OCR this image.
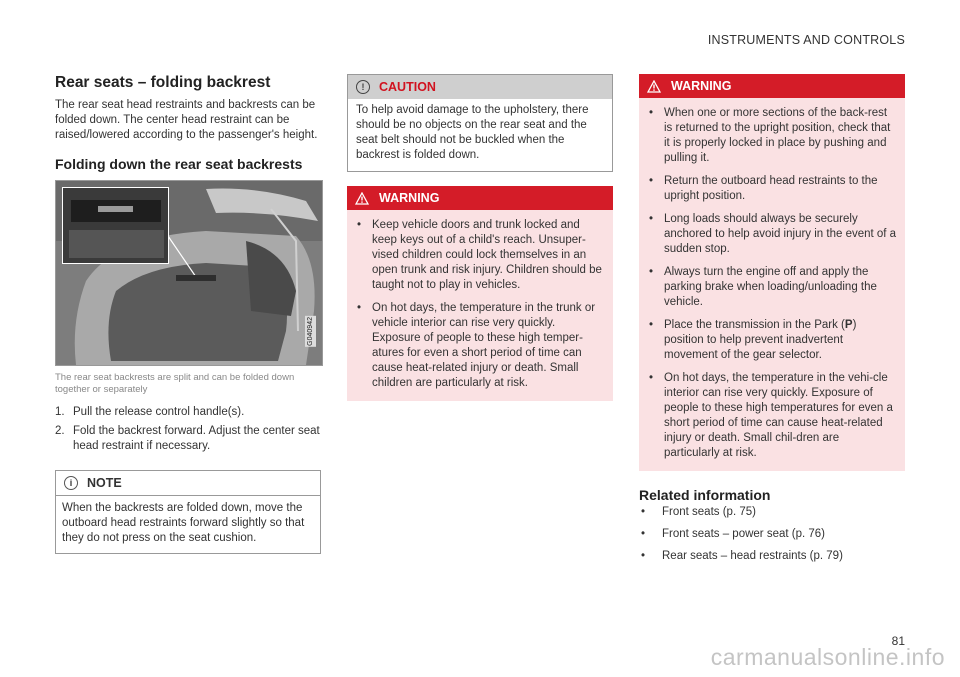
INSTRUMENTS AND CONTROLS
Rear seats – folding backrest

The rear seat head restraints and backrests can be folded down. The center head restraint can be raised/lowered according to the passenger's height.

Folding down the rear seat backrests
G040942
The rear seat backrests are split and can be folded down together or separately
1. Pull the release control handle(s).
2. Fold the backrest forward. Adjust the center seat head restraint if necessary.
i	NOTE
When the backrests are folded down, move the outboard head restraints forward slightly so that they do not press on the seat cushion.
!	CAUTION
To help avoid damage to the upholstery, there should be no objects on the rear seat and the seat belt should not be buckled when the backrest is folded down.
WARNING
• Keep vehicle doors and trunk locked and keep keys out of a child's reach. Unsuper-vised children could lock themselves in an open trunk and risk injury. Children should be taught not to play in vehicles.
• On hot days, the temperature in the trunk or vehicle interior can rise very quickly. Exposure of people to these high temper-atures for even a short period of time can cause heat-related injury or death. Small children are particularly at risk.
WARNING
• When one or more sections of the back-rest is returned to the upright position, check that it is properly locked in place by pushing and pulling it.
• Return the outboard head restraints to the upright position.
• Long loads should always be securely anchored to help avoid injury in the event of a sudden stop.
• Always turn the engine off and apply the parking brake when loading/unloading the vehicle.
• Place the transmission in the Park (P) position to help prevent inadvertent movement of the gear selector.
• On hot days, the temperature in the vehi-cle interior can rise very quickly. Exposure of people to these high temperatures for even a short period of time can cause heat-related injury or death. Small chil-dren are particularly at risk.
Related information
• Front seats (p. 75)
• Front seats – power seat (p. 76)
• Rear seats – head restraints (p. 79)
81
carmanualsonline.info
